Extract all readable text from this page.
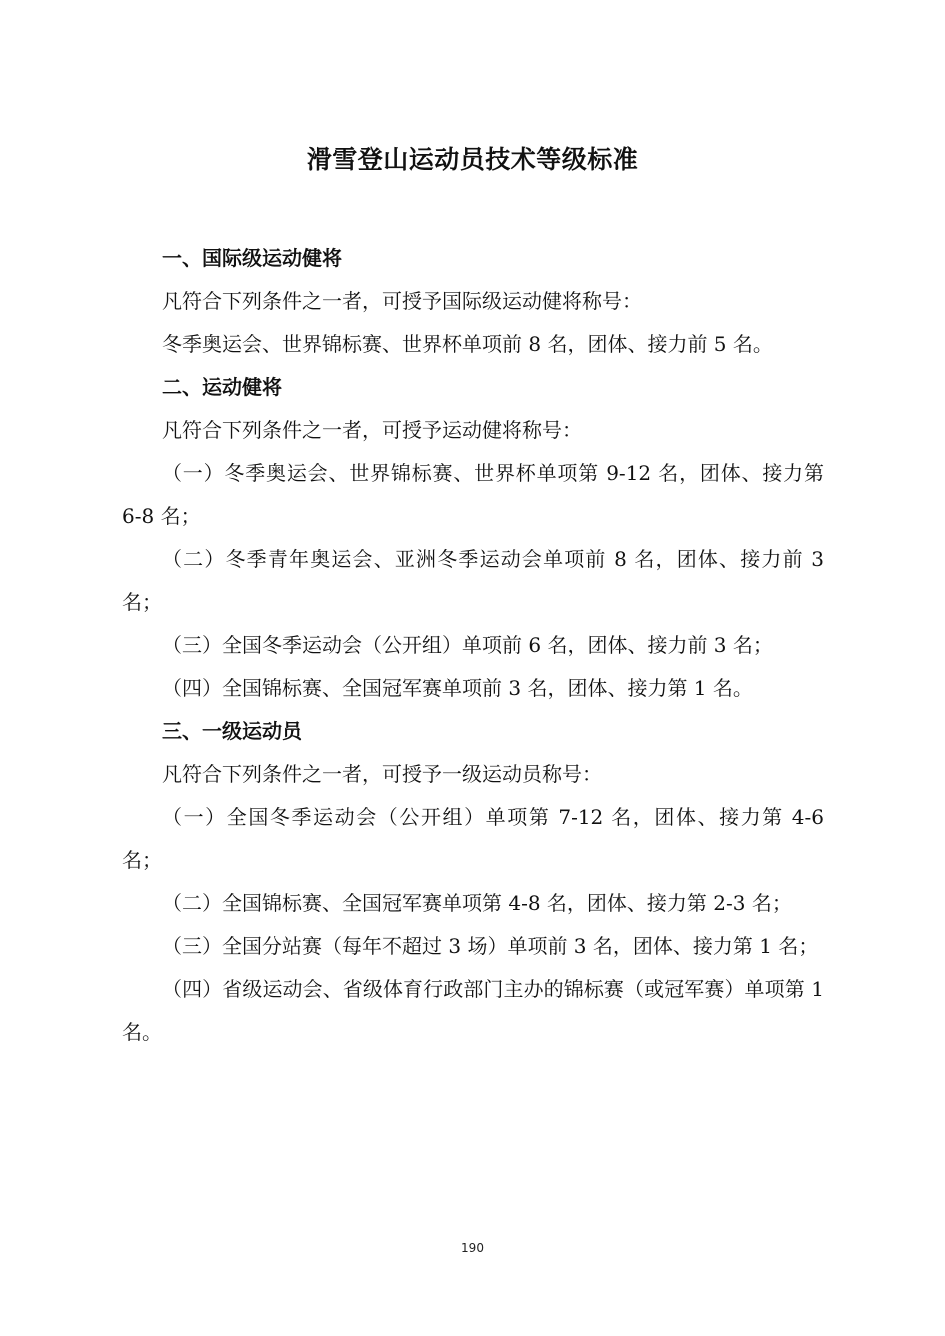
滑雪登山运动员技术等级标准
一、国际级运动健将

凡符合下列条件之一者，可授予国际级运动健将称号：

冬季奥运会、世界锦标赛、世界杯单项前 8 名，团体、接力前 5 名。

二、运动健将

凡符合下列条件之一者，可授予运动健将称号：

（一）冬季奥运会、世界锦标赛、世界杯单项第 9-12 名，团体、接力第 6-8 名；

（二）冬季青年奥运会、亚洲冬季运动会单项前 8 名，团体、接力前 3 名；

（三）全国冬季运动会（公开组）单项前 6 名，团体、接力前 3 名；

（四）全国锦标赛、全国冠军赛单项前 3 名，团体、接力第 1 名。

三、一级运动员

凡符合下列条件之一者，可授予一级运动员称号：

（一）全国冬季运动会（公开组）单项第 7-12 名，团体、接力第 4-6 名；

（二）全国锦标赛、全国冠军赛单项第 4-8 名，团体、接力第 2-3 名；

（三）全国分站赛（每年不超过 3 场）单项前 3 名，团体、接力第 1 名；

（四）省级运动会、省级体育行政部门主办的锦标赛（或冠军赛）单项第 1 名。

190
